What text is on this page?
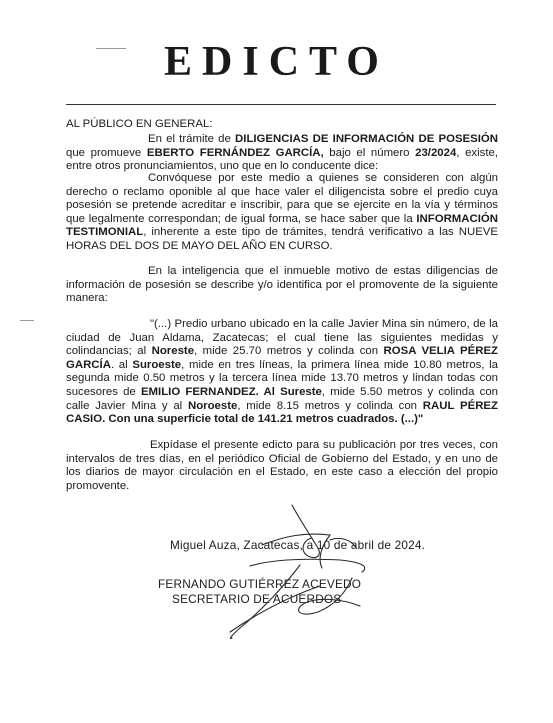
EDICTO

AL PÚBLICO EN GENERAL:

En el trámite de DILIGENCIAS DE INFORMACIÓN DE POSESIÓN que promueve EBERTO FERNÁNDEZ GARCÍA, bajo el número 23/2024, existe, entre otros pronunciamientos, uno que en lo conducente dice:

Convóquese por este medio a quienes se consideren con algún derecho o reclamo oponible al que hace valer el diligencista sobre el predio cuya posesión se pretende acreditar e inscribir, para que se ejercite en la vía y términos que legalmente correspondan; de igual forma, se hace saber que la INFORMACIÓN TESTIMONIAL, inherente a este tipo de trámites, tendrá verificativo a las NUEVE HORAS DEL DOS DE MAYO DEL AÑO EN CURSO.

En la inteligencia que el inmueble motivo de estas diligencias de información de posesión se describe y/o identifica por el promovente de la siguiente manera:

"(...) Predio urbano ubicado en la calle Javier Mina sin número, de la ciudad de Juan Aldama, Zacatecas; el cual tiene las siguientes medidas y colindancias; al Noreste, mide 25.70 metros y colinda con ROSA VELIA PÉREZ GARCÍA. al Suroeste, mide en tres líneas, la primera línea mide 10.80 metros, la segunda mide 0.50 metros y la tercera línea mide 13.70 metros y lindan todas con sucesores de EMILIO FERNANDEZ. Al Sureste, mide 5.50 metros y colinda con calle Javier Mina y al Noroeste, mide 8.15 metros y colinda con RAUL PÉREZ CASIO. Con una superficie total de 141.21 metros cuadrados. (...)"

Expídase el presente edicto para su publicación por tres veces, con intervalos de tres días, en el periódico Oficial de Gobierno del Estado, y en uno de los diarios de mayor circulación en el Estado, en este caso a elección del propio promovente.

Miguel Auza, Zacatecas, a 10 de abril de 2024.
FERNANDO GUTIÉRREZ ACEVEDO
SECRETARIO DE ACUERDOS
